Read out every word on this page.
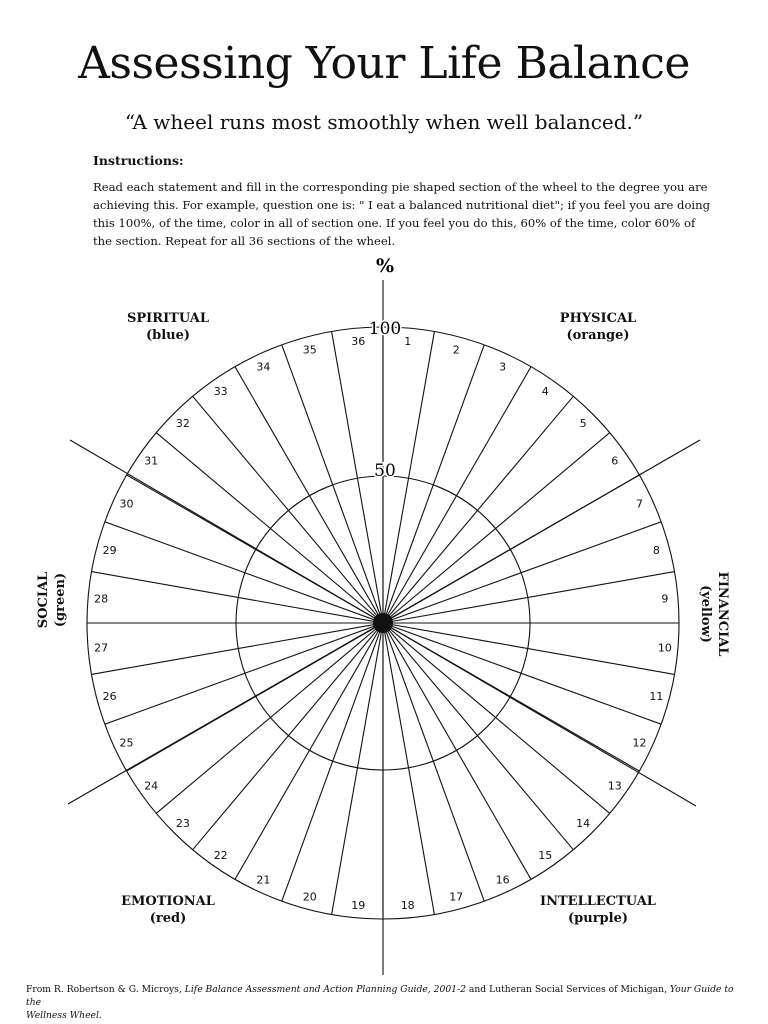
Assessing Your Life Balance
“A wheel runs most smoothly when well balanced.”
Instructions:
Read each statement and fill in the corresponding pie shaped section of the wheel to the degree you are
achieving this. For example, question one is: " I eat a balanced nutritional diet"; if you feel you are doing
this 100%, of the time, color in all of section one. If you feel you do this, 60% of the time, color 60% of
the section. Repeat for all 36 sections of the wheel.
1
2
3
4
5
6
7
8
9
10
11
12
13
14
15
16
17
18
19
20
21
22
23
24
25
26
27
28
29
30
31
32
33
34
35
36
%
100
50
SPIRITUAL
(blue)
PHYSICAL
(orange)
EMOTIONAL
(red)
INTELLECTUAL
(purple)
SOCIAL (green)	FINANCIAL
(yellow)
From R. Robertson & G. Microys, Life Balance Assessment and Action Planning Guide, 2001-2 and Lutheran Social Services of Michigan, Your Guide to the
Wellness Wheel.
